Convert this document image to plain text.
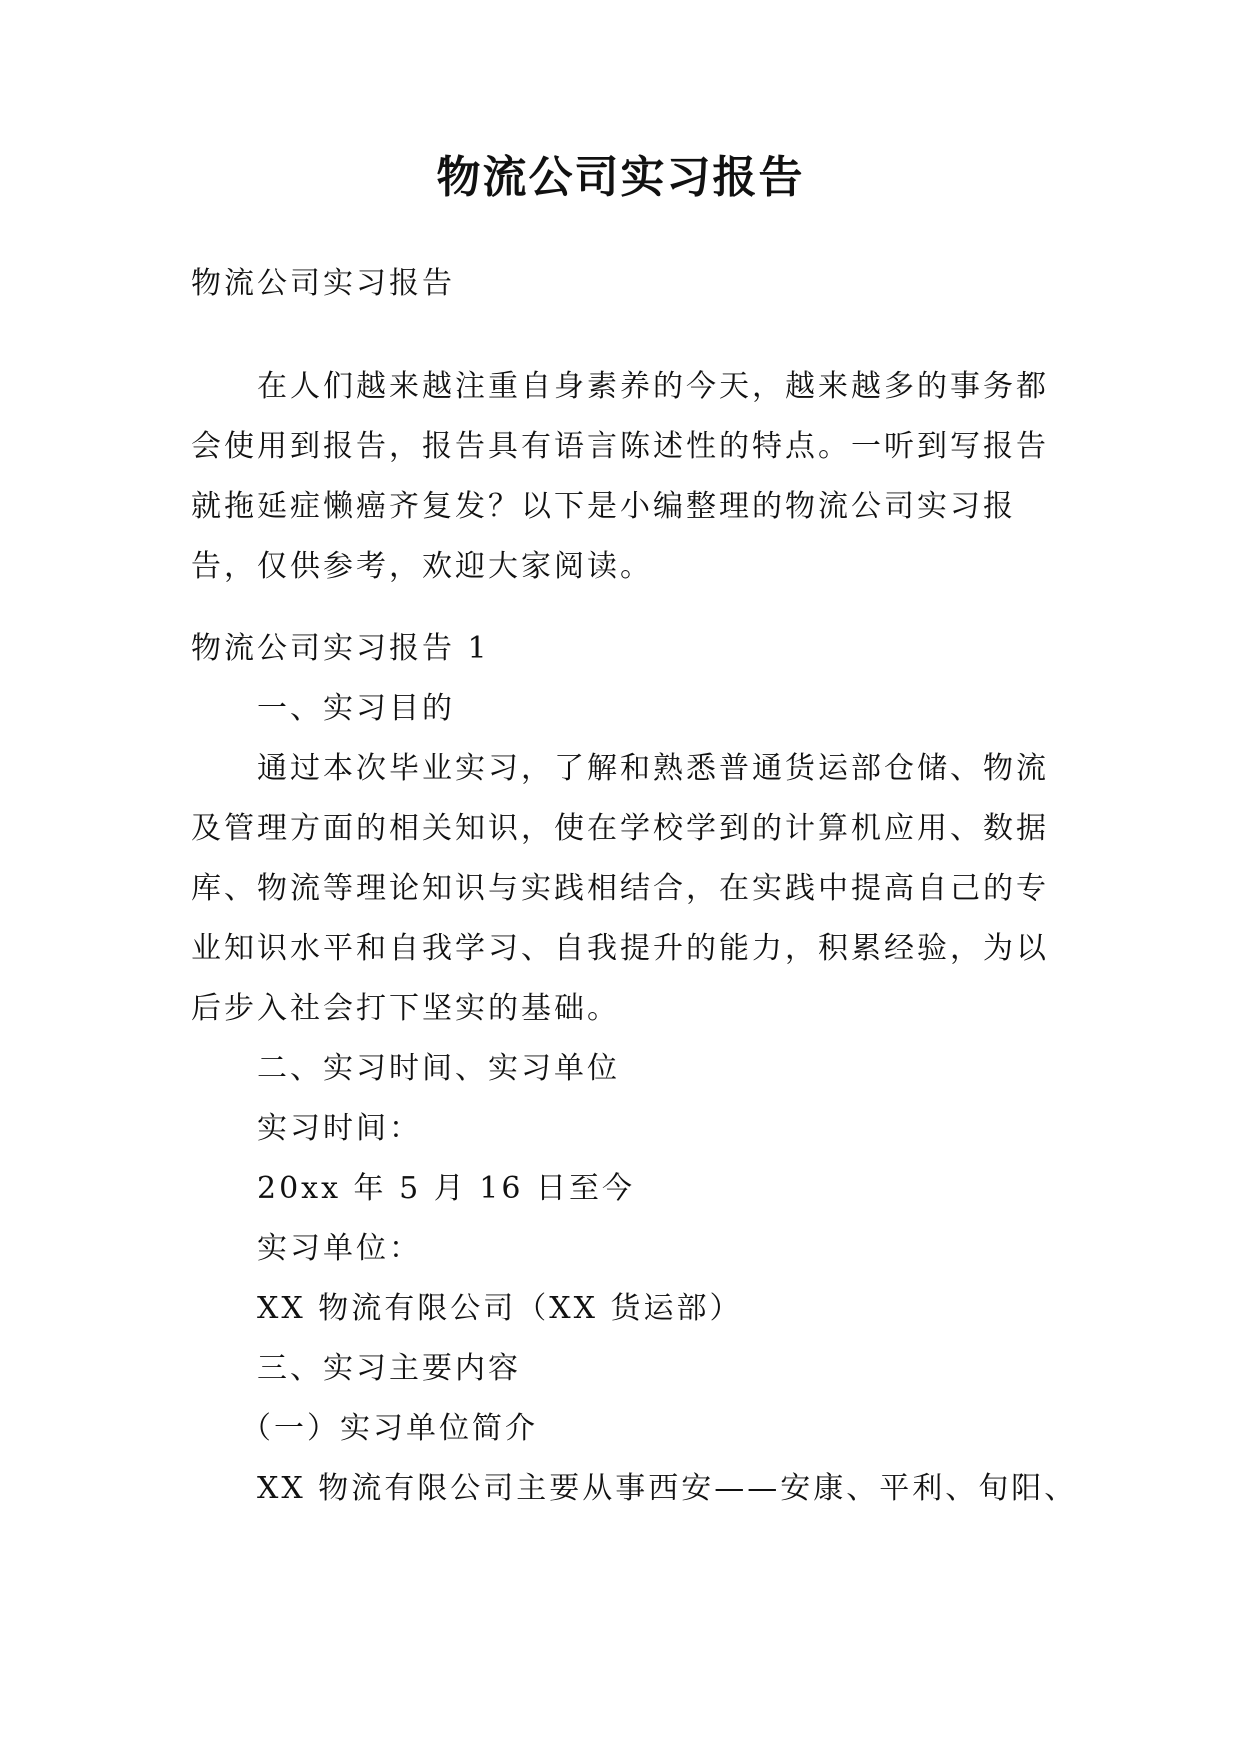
物流公司实习报告

物流公司实习报告

在人们越来越注重自身素养的今天，越来越多的事务都

会使用到报告，报告具有语言陈述性的特点。一听到写报告

就拖延症懒癌齐复发？以下是小编整理的物流公司实习报

告，仅供参考，欢迎大家阅读。

物流公司实习报告 1

一、实习目的

通过本次毕业实习，了解和熟悉普通货运部仓储、物流

及管理方面的相关知识，使在学校学到的计算机应用、数据

库、物流等理论知识与实践相结合，在实践中提高自己的专

业知识水平和自我学习、自我提升的能力，积累经验，为以

后步入社会打下坚实的基础。

二、实习时间、实习单位

实习时间：

20xx 年 5 月 16 日至今

实习单位：

XX 物流有限公司（XX 货运部）

三、实习主要内容

（一）实习单位简介

XX 物流有限公司主要从事西安——安康、平利、旬阳、
